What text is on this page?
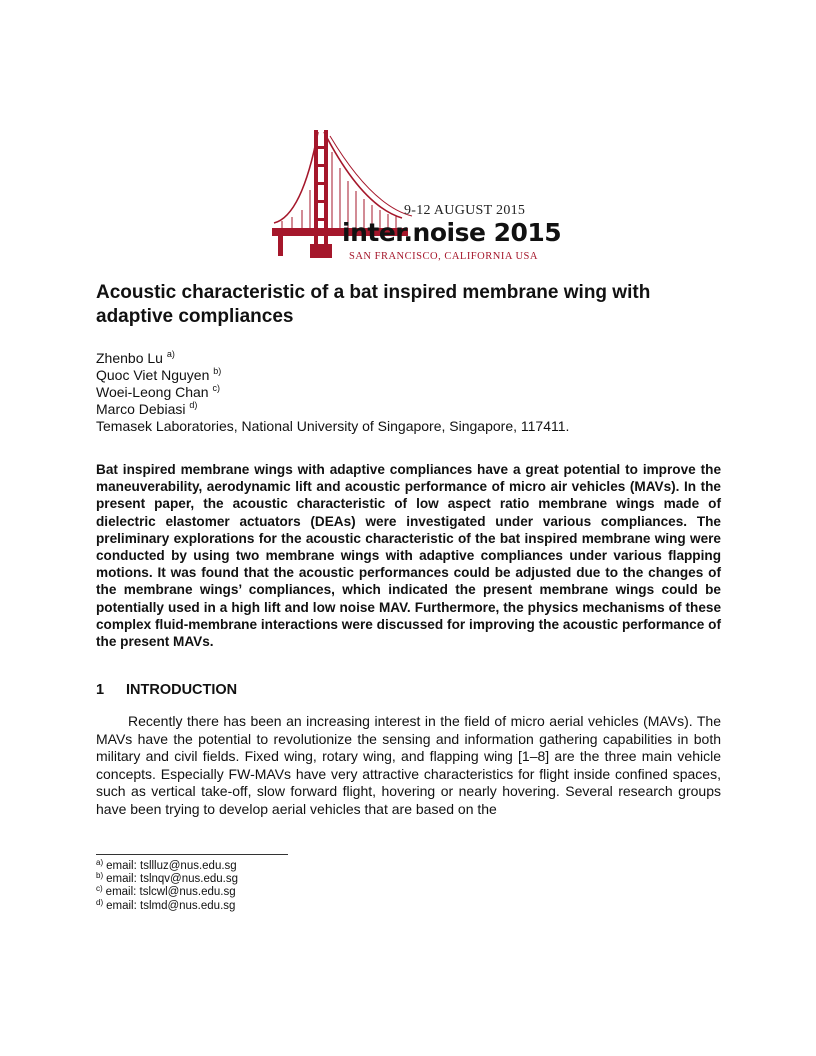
9-12 AUGUST 2015
inter.noise 2015
SAN FRANCISCO, CALIFORNIA USA
Acoustic characteristic of a bat inspired membrane wing with adaptive compliances
Zhenbo Lu $^{a)}$
Quoc Viet Nguyen $^{b)}$
Woei-Leong Chan $^{c)}$
Marco Debiasi $^{d)}$
Temasek Laboratories, National University of Singapore, Singapore, 117411.

Bat inspired membrane wings with adaptive compliances have a great potential to improve the maneuverability, aerodynamic lift and acoustic performance of micro air vehicles (MAVs). In the present paper, the acoustic characteristic of low aspect ratio membrane wings made of dielectric elastomer actuators (DEAs) were investigated under various compliances. The preliminary explorations for the acoustic characteristic of the bat inspired membrane wing were conducted by using two membrane wings with adaptive compliances under various flapping motions. It was found that the acoustic performances could be adjusted due to the changes of the membrane wings’ compliances, which indicated the present membrane wings could be potentially used in a high lift and low noise MAV. Furthermore, the physics mechanisms of these complex fluid-membrane interactions were discussed for improving the acoustic performance of the present MAVs.

1 INTRODUCTION

Recently there has been an increasing interest in the field of micro aerial vehicles (MAVs). The MAVs have the potential to revolutionize the sensing and information gathering capabilities in both military and civil fields. Fixed wing, rotary wing, and flapping wing [1–8] are the three main vehicle concepts. Especially FW-MAVs have very attractive characteristics for flight inside confined spaces, such as vertical take-off, slow forward flight, hovering or nearly hovering. Several research groups have been trying to develop aerial vehicles that are based on the

$^{a)}$ email: tsllluz@nus.edu.sg
$^{b)}$ email: tslnqv@nus.edu.sg
$^{c)}$ email: tslcwl@nus.edu.sg
$^{d)}$ email: tslmd@nus.edu.sg
